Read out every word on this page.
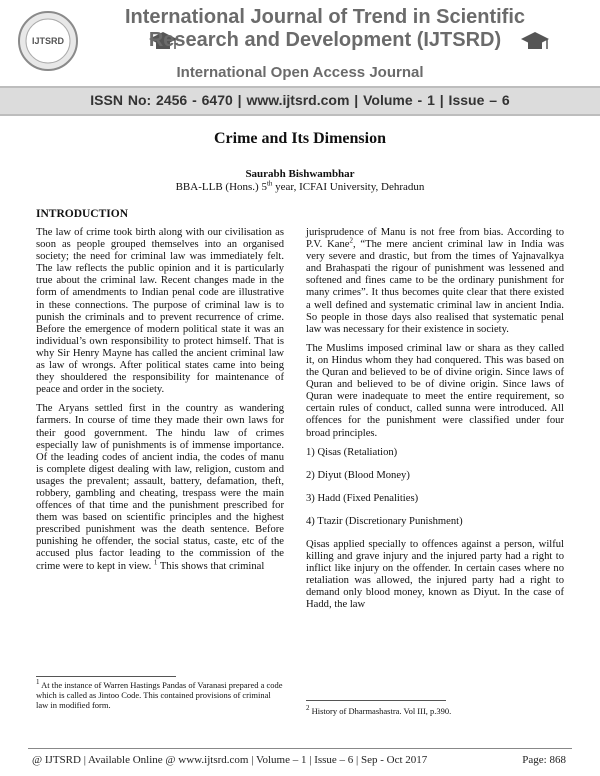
IJTSRD
International Journal of Trend in Scientific
Research and Development (IJTSRD)
International Open Access Journal
ISSN No: 2456 - 6470 | www.ijtsrd.com | Volume - 1 | Issue – 6
Crime and Its Dimension
Saurabh Bishwambhar
BBA-LLB (Hons.) 5th year, ICFAI University, Dehradun
INTRODUCTION

The law of crime took birth along with our civilisation as soon as people grouped themselves into an organised society; the need for criminal law was immediately felt. The law reflects the public opinion and it is particularly true about the criminal law. Recent changes made in the form of amendments to Indian penal code are illustrative in these connections. The purpose of criminal law is to punish the criminals and to prevent recurrence of crime. Before the emergence of modern political state it was an individual’s own responsibility to protect himself. That is why Sir Henry Mayne has called the ancient criminal law as law of wrongs. After political states came into being they shouldered the responsibility for maintenance of peace and order in the society.

The Aryans settled first in the country as wandering farmers. In course of time they made their own laws for their good government. The hindu law of crimes especially law of punishments is of immense importance. Of the leading codes of ancient india, the codes of manu is complete digest dealing with law, religion, custom and usages the prevalent; assault, battery, defamation, theft, robbery, gambling and cheating, trespass were the main offences of that time and the punishment prescribed for them was based on scientific principles and the highest prescribed punishment was the death sentence. Before punishing he offender, the social status, caste, etc of the accused plus factor leading to the commission of the crime were to kept in view. $^1$ This shows that criminal

jurisprudence of Manu is not free from bias. According to P.V. Kane$^2$, “The mere ancient criminal law in India was very severe and drastic, but from the times of Yajnavalkya and Brahaspati the rigour of punishment was lessened and softened and fines came to be the ordinary punishment for many crimes”. It thus becomes quite clear that there existed a well defined and systematic criminal law in ancient India. So people in those days also realised that systematic penal law was necessary for their existence in society.

The Muslims imposed criminal law or shara as they called it, on Hindus whom they had conquered. This was based on the Quran and believed to be of divine origin. Since laws of Quran and believed to be of divine origin. Since laws of Quran were inadequate to meet the entire requirement, so certain rules of conduct, called sunna were introduced. All offences for the punishment were classified under four broad principles.

1) Qisas (Retaliation)
2) Diyut (Blood Money)
3) Hadd (Fixed Penalities)
4) Ttazir (Discretionary Punishment)

Qisas applied specially to offences against a person, wilful killing and grave injury and the injured party had a right to inflict like injury on the offender. In certain cases where no retaliation was allowed, the injured party had a right to demand only blood money, known as Diyut. In the case of Hadd, the law

$^1$ At the instance of Warren Hastings Pandas of Varanasi prepared a code which is called as Jintoo Code. This contained provisions of criminal law in modified form.	$^2$ History of Dharmashastra. Vol III, p.390.
@ IJTSRD | Available Online @ www.ijtsrd.com | Volume – 1 | Issue – 6 | Sep - Oct 2017	Page: 868
